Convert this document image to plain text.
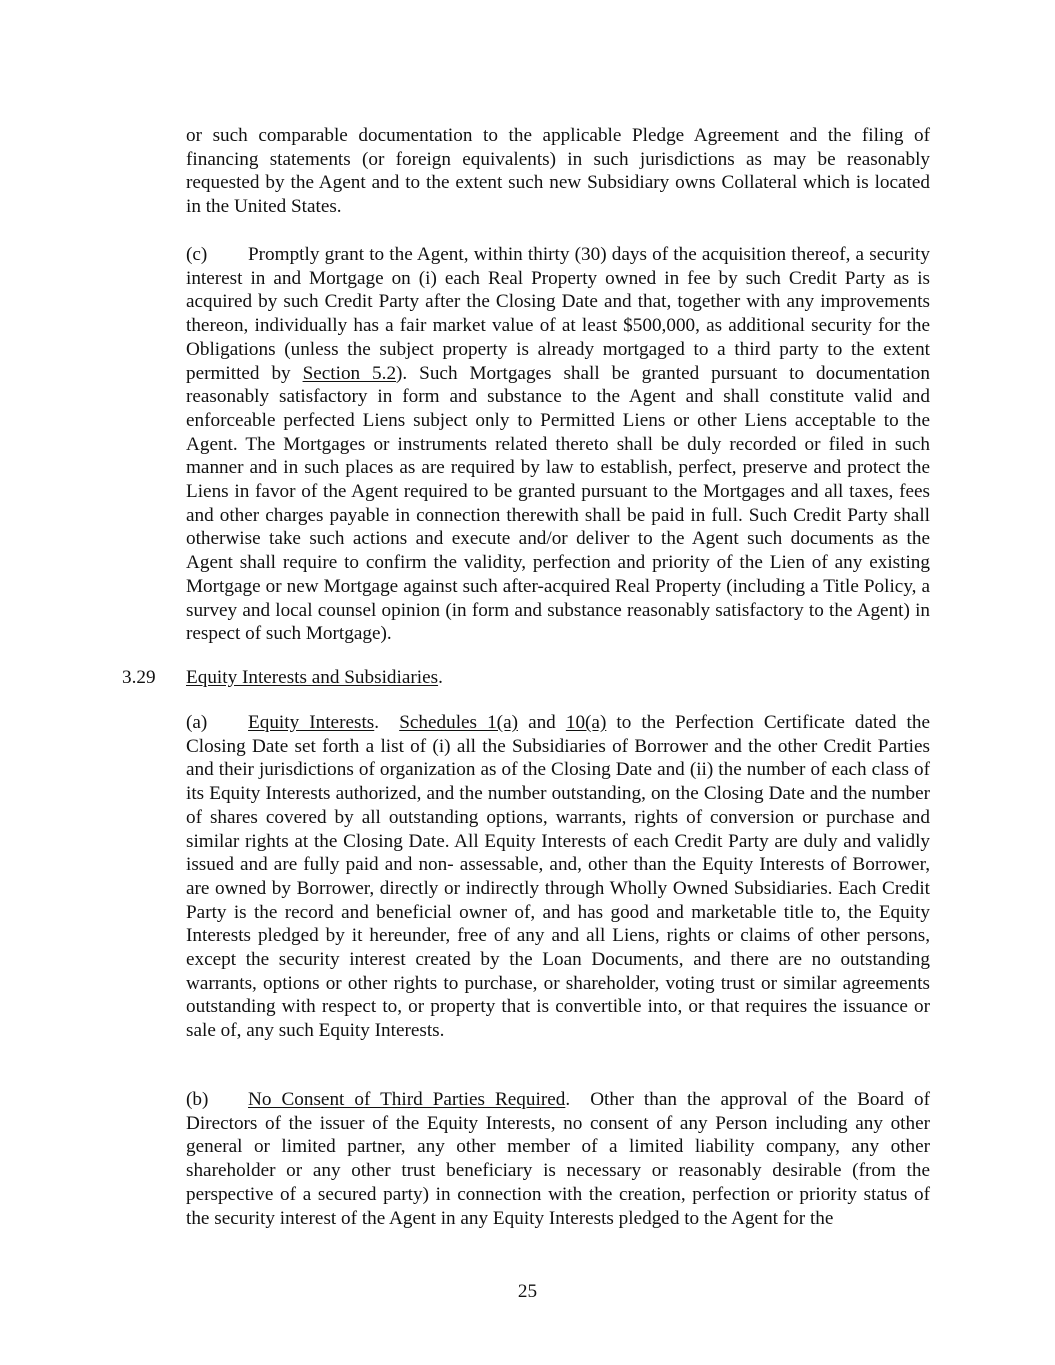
or such comparable documentation to the applicable Pledge Agreement and the filing of financing statements (or foreign equivalents) in such jurisdictions as may be reasonably requested by the Agent and to the extent such new Subsidiary owns Collateral which is located in the United States.

(c) Promptly grant to the Agent, within thirty (30) days of the acquisition thereof, a security interest in and Mortgage on (i) each Real Property owned in fee by such Credit Party as is acquired by such Credit Party after the Closing Date and that, together with any improvements thereon, individually has a fair market value of at least $500,000, as additional security for the Obligations (unless the subject property is already mortgaged to a third party to the extent permitted by Section 5.2). Such Mortgages shall be granted pursuant to documentation reasonably satisfactory in form and substance to the Agent and shall constitute valid and enforceable perfected Liens subject only to Permitted Liens or other Liens acceptable to the Agent. The Mortgages or instruments related thereto shall be duly recorded or filed in such manner and in such places as are required by law to establish, perfect, preserve and protect the Liens in favor of the Agent required to be granted pursuant to the Mortgages and all taxes, fees and other charges payable in connection therewith shall be paid in full. Such Credit Party shall otherwise take such actions and execute and/or deliver to the Agent such documents as the Agent shall require to confirm the validity, perfection and priority of the Lien of any existing Mortgage or new Mortgage against such after-acquired Real Property (including a Title Policy, a survey and local counsel opinion (in form and substance reasonably satisfactory to the Agent) in respect of such Mortgage).

3.29 Equity Interests and Subsidiaries.

(a) Equity Interests.  Schedules 1(a) and 10(a) to the Perfection Certificate dated the Closing Date set forth a list of (i) all the Subsidiaries of Borrower and the other Credit Parties and their jurisdictions of organization as of the Closing Date and (ii) the number of each class of its Equity Interests authorized, and the number outstanding, on the Closing Date and the number of shares covered by all outstanding options, warrants, rights of conversion or purchase and similar rights at the Closing Date. All Equity Interests of each Credit Party are duly and validly issued and are fully paid and non- assessable, and, other than the Equity Interests of Borrower, are owned by Borrower, directly or indirectly through Wholly Owned Subsidiaries. Each Credit Party is the record and beneficial owner of, and has good and marketable title to, the Equity Interests pledged by it hereunder, free of any and all Liens, rights or claims of other persons, except the security interest created by the Loan Documents, and there are no outstanding warrants, options or other rights to purchase, or shareholder, voting trust or similar agreements outstanding with respect to, or property that is convertible into, or that requires the issuance or sale of, any such Equity Interests.

(b) No Consent of Third Parties Required.  Other than the approval of the Board of Directors of the issuer of the Equity Interests, no consent of any Person including any other general or limited partner, any other member of a limited liability company, any other shareholder or any other trust beneficiary is necessary or reasonably desirable (from the perspective of a secured party) in connection with the creation, perfection or priority status of the security interest of the Agent in any Equity Interests pledged to the Agent for the

25
